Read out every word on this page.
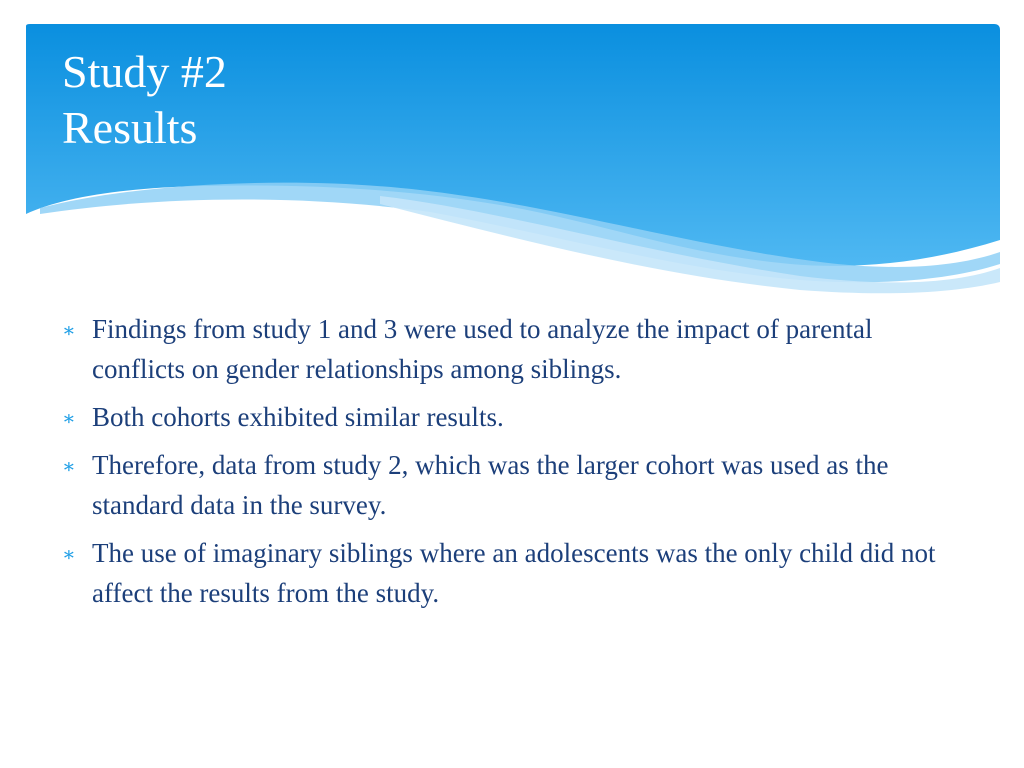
Study #2
Results
∗ Findings from study 1 and 3 were used to analyze the impact of parental conflicts on gender relationships among siblings.
∗ Both cohorts exhibited similar results.
∗ Therefore, data from study 2, which was the larger cohort was used as the standard data in the survey.
∗ The use of imaginary siblings where an adolescents was the only child did not affect the results from the study.
